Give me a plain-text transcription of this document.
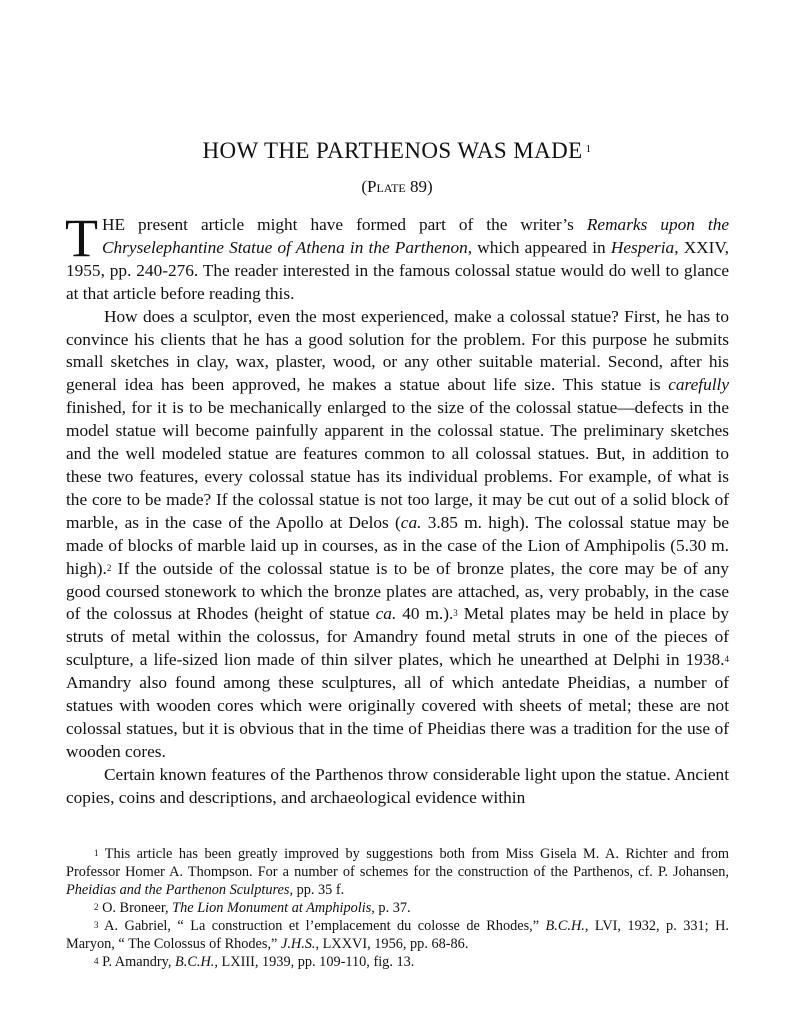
HOW THE PARTHENOS WAS MADE $^1$
(Plate 89)

THE present article might have formed part of the writer’s Remarks upon the Chryselephantine Statue of Athena in the Parthenon, which appeared in Hesperia, XXIV, 1955, pp. 240-276. The reader interested in the famous colossal statue would do well to glance at that article before reading this.

How does a sculptor, even the most experienced, make a colossal statue? First, he has to convince his clients that he has a good solution for the problem. For this purpose he submits small sketches in clay, wax, plaster, wood, or any other suitable material. Second, after his general idea has been approved, he makes a statue about life size. This statue is carefully finished, for it is to be mechanically enlarged to the size of the colossal statue—defects in the model statue will become painfully apparent in the colossal statue. The preliminary sketches and the well modeled statue are features common to all colossal statues. But, in addition to these two features, every colossal statue has its individual problems. For example, of what is the core to be made? If the colossal statue is not too large, it may be cut out of a solid block of marble, as in the case of the Apollo at Delos (ca. 3.85 m. high). The colossal statue may be made of blocks of marble laid up in courses, as in the case of the Lion of Amphipolis (5.30 m. high).$^2$ If the outside of the colossal statue is to be of bronze plates, the core may be of any good coursed stonework to which the bronze plates are attached, as, very probably, in the case of the colossus at Rhodes (height of statue ca. 40 m.).$^3$ Metal plates may be held in place by struts of metal within the colossus, for Amandry found metal struts in one of the pieces of sculpture, a life-sized lion made of thin silver plates, which he unearthed at Delphi in 1938.$^4$ Amandry also found among these sculptures, all of which antedate Pheidias, a number of statues with wooden cores which were originally covered with sheets of metal; these are not colossal statues, but it is obvious that in the time of Pheidias there was a tradition for the use of wooden cores.

Certain known features of the Parthenos throw considerable light upon the statue. Ancient copies, coins and descriptions, and archaeological evidence within

$^1$ This article has been greatly improved by suggestions both from Miss Gisela M. A. Richter and from Professor Homer A. Thompson. For a number of schemes for the construction of the Parthenos, cf. P. Johansen, Pheidias and the Parthenon Sculptures, pp. 35 f.

$^2$ O. Broneer, The Lion Monument at Amphipolis, p. 37.

$^3$ A. Gabriel, “ La construction et l’emplacement du colosse de Rhodes,” B.C.H., LVI, 1932, p. 331; H. Maryon, “ The Colossus of Rhodes,” J.H.S., LXXVI, 1956, pp. 68-86.

$^4$ P. Amandry, B.C.H., LXIII, 1939, pp. 109-110, fig. 13.
